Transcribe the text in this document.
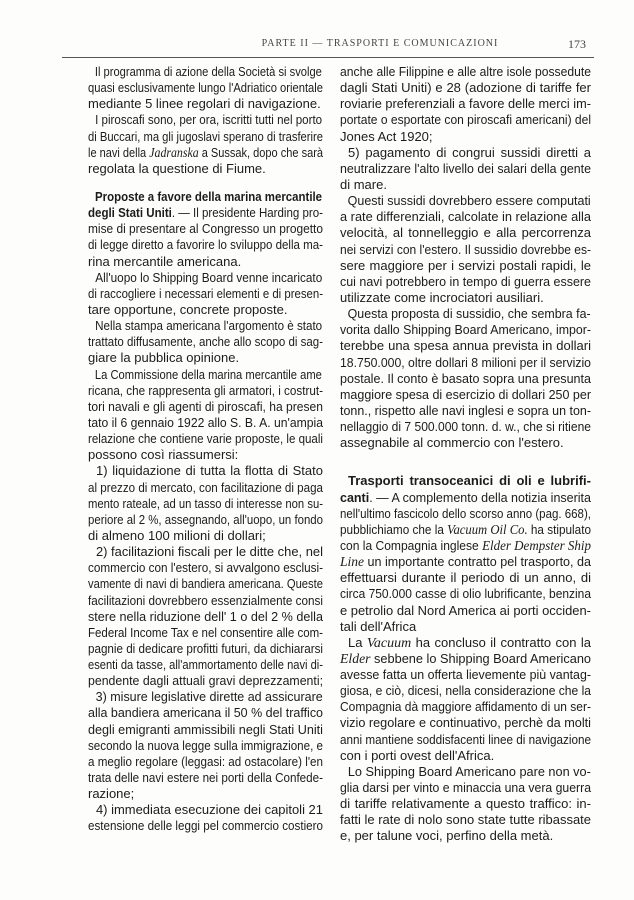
PARTE II — TRASPORTI E COMUNICAZIONI	173
Il programma di azione della Società si svolge
quasi esclusivamente lungo l'Adriatico orientale
mediante 5 linee regolari di navigazione.
I piroscafi sono, per ora, iscritti tutti nel porto
di Buccari, ma gli jugoslavi sperano di trasferire
le navi della Jadranska a Sussak, dopo che sarà
regolata la questione di Fiume.
Proposte a favore della marina mercantile
degli Stati Uniti. — Il presidente Harding pro-
mise di presentare al Congresso un progetto
di legge diretto a favorire lo sviluppo della ma-
rina mercantile americana.
All'uopo lo Shipping Board venne incaricato
di raccogliere i necessari elementi e di presen-
tare opportune, concrete proposte.
Nella stampa americana l'argomento è stato
trattato diffusamente, anche allo scopo di sag-
giare la pubblica opinione.
La Commissione della marina mercantile ame
ricana, che rappresenta gli armatori, i costrut-
tori navali e gli agenti di piroscafi, ha presen
tato il 6 gennaio 1922 allo S. B. A. un'ampia
relazione che contiene varie proposte, le quali
possono così riassumersi:
1) liquidazione di tutta la flotta di Stato
al prezzo di mercato, con facilitazione di paga
mento rateale, ad un tasso di interesse non su-
periore al 2 %, assegnando, all'uopo, un fondo
di almeno 100 milioni di dollari;
2) facilitazioni fiscali per le ditte che, nel
commercio con l'estero, si avvalgono esclusi-
vamente di navi di bandiera americana. Queste
facilitazioni dovrebbero essenzialmente consi
stere nella riduzione dell' 1 o del 2 % della
Federal Income Tax e nel consentire alle com-
pagnie di dedicare profitti futuri, da dichiararsi
esenti da tasse, all'ammortamento delle navi di-
pendente dagli attuali gravi deprezzamenti;
3) misure legislative dirette ad assicurare
alla bandiera americana il 50 % del traffico
degli emigranti ammissibili negli Stati Uniti
secondo la nuova legge sulla immigrazione, e
a meglio regolare (leggasi: ad ostacolare) l'en
trata delle navi estere nei porti della Confede-
razione;
4) immediata esecuzione dei capitoli 21
estensione delle leggi pel commercio costiero
anche alle Filippine e alle altre isole possedute
dagli Stati Uniti) e 28 (adozione di tariffe fer
roviarie preferenziali a favore delle merci im-
portate o esportate con piroscafi americani) del
Jones Act 1920;
5) pagamento di congrui sussidi diretti a
neutralizzare l'alto livello dei salari della gente
di mare.
Questi sussidi dovrebbero essere computati
a rate differenziali, calcolate in relazione alla
velocità, al tonnelleggio e alla percorrenza
nei servizi con l'estero. Il sussidio dovrebbe es-
sere maggiore per i servizi postali rapidi, le
cui navi potrebbero in tempo di guerra essere
utilizzate come incrociatori ausiliari.
Questa proposta di sussidio, che sembra fa-
vorita dallo Shipping Board Americano, impor-
terebbe una spesa annua prevista in dollari
18.750.000, oltre dollari 8 milioni per il servizio
postale. Il conto è basato sopra una presunta
maggiore spesa di esercizio di dollari 250 per
tonn., rispetto alle navi inglesi e sopra un ton-
nellaggio di 7 500.000 tonn. d. w., che si ritiene
assegnabile al commercio con l'estero.
Trasporti transoceanici di oli e lubrifi-
canti. — A complemento della notizia inserita
nell'ultimo fascicolo dello scorso anno (pag. 668),
pubblichiamo che la Vacuum Oil Co. ha stipulato
con la Compagnia inglese Elder Dempster Ship
Line un importante contratto pel trasporto, da
effettuarsi durante il periodo di un anno, di
circa 750.000 casse di olio lubrificante, benzina
e petrolio dal Nord America ai porti occiden-
tali dell'Africa
La Vacuum ha concluso il contratto con la
Elder sebbene lo Shipping Board Americano
avesse fatta un offerta lievemente più vantag-
giosa, e ciò, dicesi, nella considerazione che la
Compagnia dà maggiore affidamento di un ser-
vizio regolare e continuativo, perchè da molti
anni mantiene soddisfacenti linee di navigazione
con i porti ovest dell'Africa.
Lo Shipping Board Americano pare non vo-
glia darsi per vinto e minaccia una vera guerra
di tariffe relativamente a questo traffico: in-
fatti le rate di nolo sono state tutte ribassate
e, per talune voci, perfino della metà.
